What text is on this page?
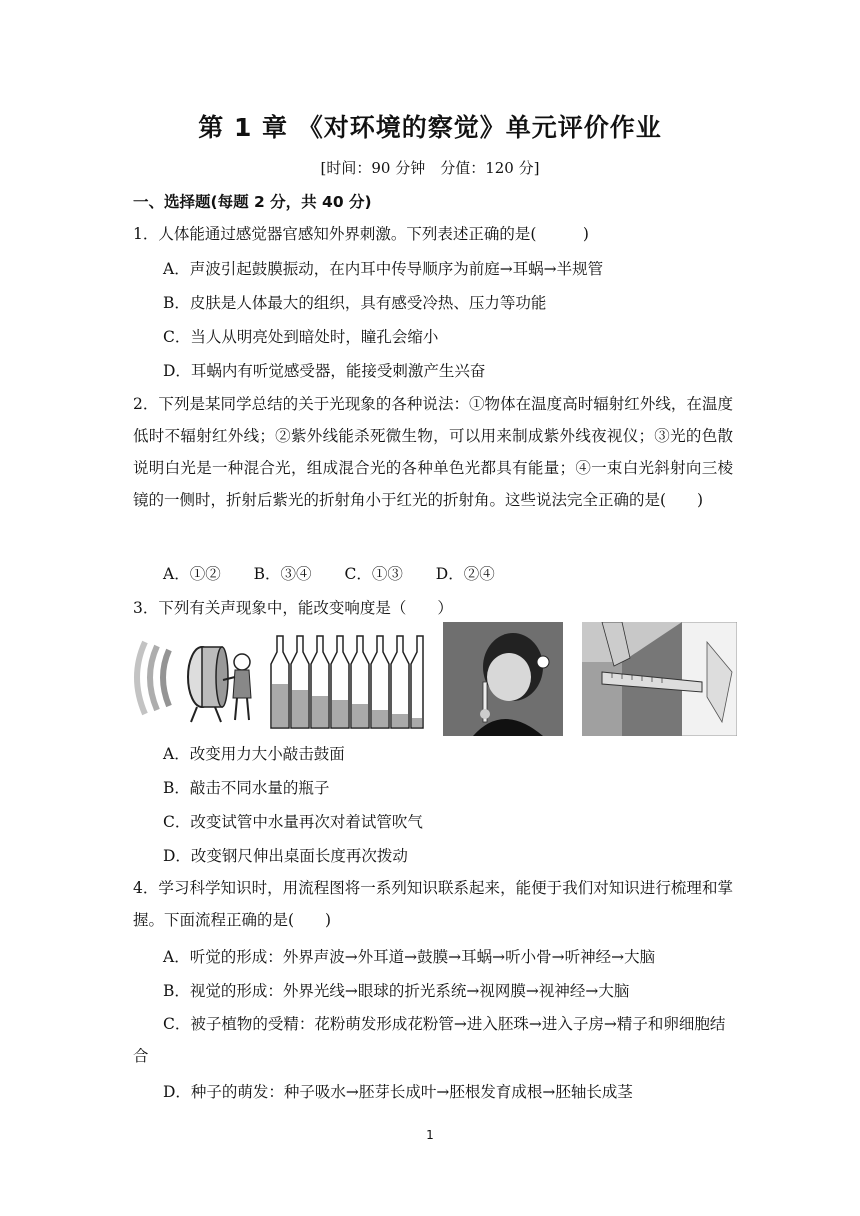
第 1 章 《对环境的察觉》单元评价作业
[时间：90 分钟　分值：120 分]
一、选择题(每题 2 分，共 40 分)
1．人体能通过感觉器官感知外界刺激。下列表述正确的是(　　　)
A．声波引起鼓膜振动，在内耳中传导顺序为前庭→耳蜗→半规管
B．皮肤是人体最大的组织，具有感受冷热、压力等功能
C．当人从明亮处到暗处时，瞳孔会缩小
D．耳蜗内有听觉感受器，能接受刺激产生兴奋
2．下列是某同学总结的关于光现象的各种说法：①物体在温度高时辐射红外线，在温度低时不辐射红外线；②紫外线能杀死微生物，可以用来制成紫外线夜视仪；③光的色散说明白光是一种混合光，组成混合光的各种单色光都具有能量；④一束白光斜射向三棱镜的一侧时，折射后紫光的折射角小于红光的折射角。这些说法完全正确的是(　　)
A．①② B．③④ C．①③ D．②④
3．下列有关声现象中，能改变响度是（　　）
A．改变用力大小敲击鼓面
B．敲击不同水量的瓶子
C．改变试管中水量再次对着试管吹气
D．改变钢尺伸出桌面长度再次拨动
4．学习科学知识时，用流程图将一系列知识联系起来，能便于我们对知识进行梳理和掌握。下面流程正确的是(　　)
A．听觉的形成：外界声波→外耳道→鼓膜→耳蜗→听小骨→听神经→大脑
B．视觉的形成：外界光线→眼球的折光系统→视网膜→视神经→大脑
C．被子植物的受精：花粉萌发形成花粉管→进入胚珠→进入子房→精子和卵细胞结合
D．种子的萌发：种子吸水→胚芽长成叶→胚根发育成根→胚轴长成茎
1
